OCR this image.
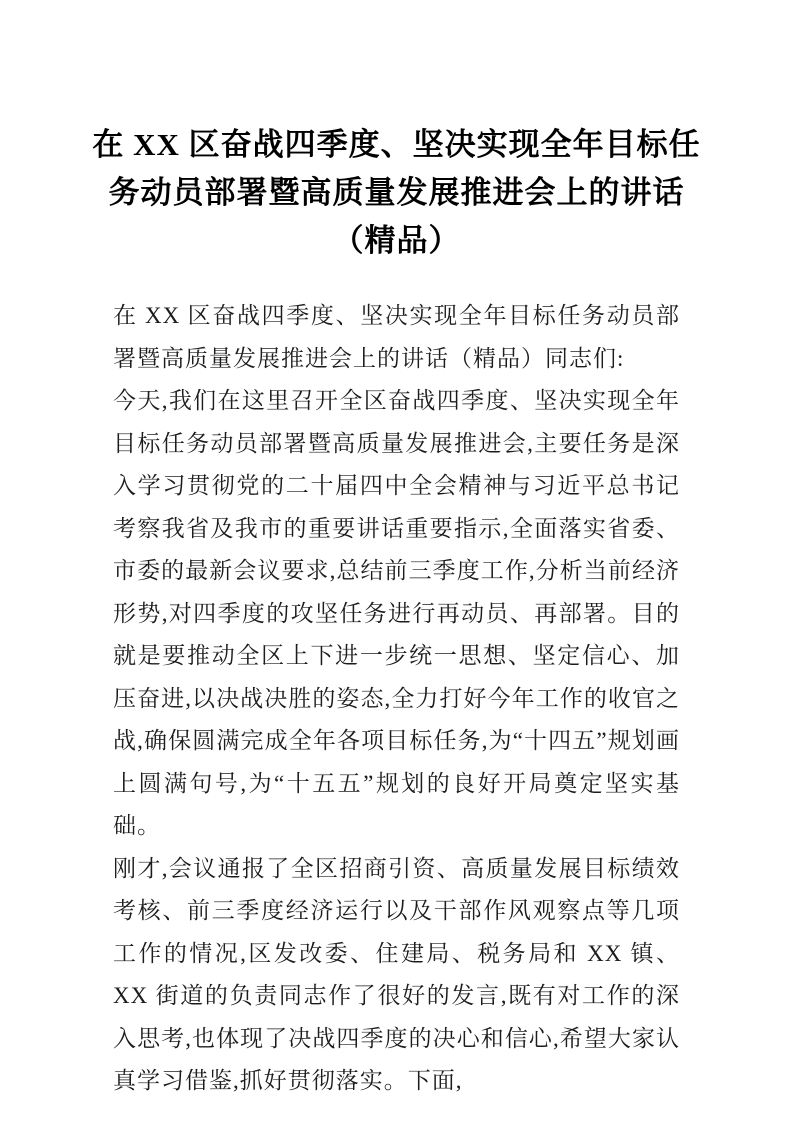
在 XX 区奋战四季度、坚决实现全年目标任
务动员部署暨高质量发展推进会上的讲话
（精品）

在 XX 区奋战四季度、坚决实现全年目标任务动员部署暨高质量发展推进会上的讲话（精品）同志们:

今天,我们在这里召开全区奋战四季度、坚决实现全年目标任务动员部署暨高质量发展推进会,主要任务是深入学习贯彻党的二十届四中全会精神与习近平总书记考察我省及我市的重要讲话重要指示,全面落实省委、市委的最新会议要求,总结前三季度工作,分析当前经济形势,对四季度的攻坚任务进行再动员、再部署。目的就是要推动全区上下进一步统一思想、坚定信心、加压奋进,以决战决胜的姿态,全力打好今年工作的收官之战,确保圆满完成全年各项目标任务,为“十四五”规划画上圆满句号,为“十五五”规划的良好开局奠定坚实基础。

刚才,会议通报了全区招商引资、高质量发展目标绩效考核、前三季度经济运行以及干部作风观察点等几项工作的情况,区发改委、住建局、税务局和 XX 镇、XX 街道的负责同志作了很好的发言,既有对工作的深入思考,也体现了决战四季度的决心和信心,希望大家认真学习借鉴,抓好贯彻落实。下面,
